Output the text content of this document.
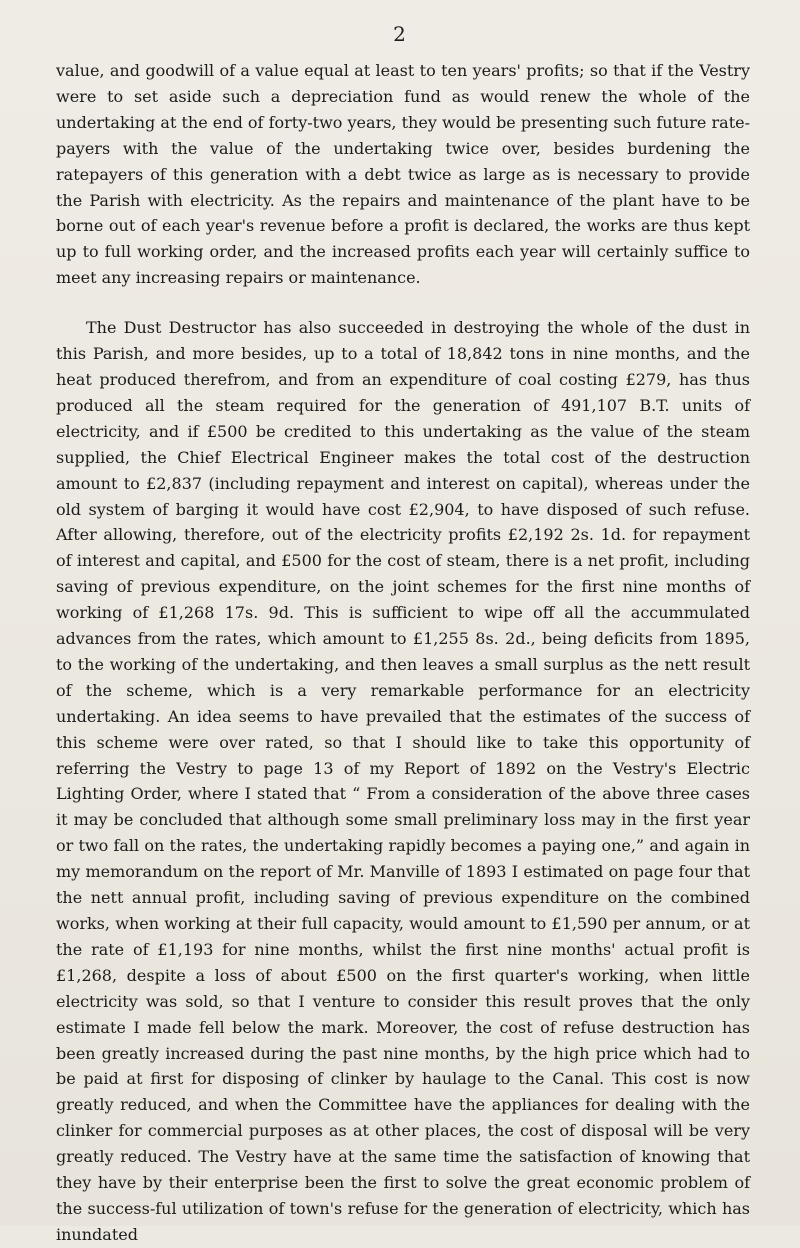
2

value, and goodwill of a value equal at least to ten years' profits; so that if the Vestry were to set aside such a depreciation fund as would renew the whole of the undertaking at the end of forty-two years, they would be presenting such future rate-payers with the value of the undertaking twice over, besides burdening the ratepayers of this generation with a debt twice as large as is necessary to provide the Parish with electricity. As the repairs and maintenance of the plant have to be borne out of each year's revenue before a profit is declared, the works are thus kept up to full working order, and the increased profits each year will certainly suffice to meet any increasing repairs or maintenance.

The Dust Destructor has also succeeded in destroying the whole of the dust in this Parish, and more besides, up to a total of 18,842 tons in nine months, and the heat produced therefrom, and from an expenditure of coal costing £279, has thus produced all the steam required for the generation of 491,107 B.T. units of electricity, and if £500 be credited to this undertaking as the value of the steam supplied, the Chief Electrical Engineer makes the total cost of the destruction amount to £2,837 (including repayment and interest on capital), whereas under the old system of barging it would have cost £2,904, to have disposed of such refuse. After allowing, therefore, out of the electricity profits £2,192 2s. 1d. for repayment of interest and capital, and £500 for the cost of steam, there is a net profit, including saving of previous expenditure, on the joint schemes for the first nine months of working of £1,268 17s. 9d. This is sufficient to wipe off all the accummulated advances from the rates, which amount to £1,255 8s. 2d., being deficits from 1895, to the working of the undertaking, and then leaves a small surplus as the nett result of the scheme, which is a very remarkable performance for an electricity undertaking. An idea seems to have prevailed that the estimates of the success of this scheme were over rated, so that I should like to take this opportunity of referring the Vestry to page 13 of my Report of 1892 on the Vestry's Electric Lighting Order, where I stated that “ From a consideration of the above three cases it may be concluded that although some small preliminary loss may in the first year or two fall on the rates, the undertaking rapidly becomes a paying one,” and again in my memorandum on the report of Mr. Manville of 1893 I estimated on page four that the nett annual profit, including saving of previous expenditure on the combined works, when working at their full capacity, would amount to £1,590 per annum, or at the rate of £1,193 for nine months, whilst the first nine months' actual profit is £1,268, despite a loss of about £500 on the first quarter's working, when little electricity was sold, so that I venture to consider this result proves that the only estimate I made fell below the mark. Moreover, the cost of refuse destruction has been greatly increased during the past nine months, by the high price which had to be paid at first for disposing of clinker by haulage to the Canal. This cost is now greatly reduced, and when the Committee have the appliances for dealing with the clinker for commercial purposes as at other places, the cost of disposal will be very greatly reduced. The Vestry have at the same time the satisfaction of knowing that they have by their enterprise been the first to solve the great economic problem of the success-ful utilization of town's refuse for the generation of electricity, which has inundated
